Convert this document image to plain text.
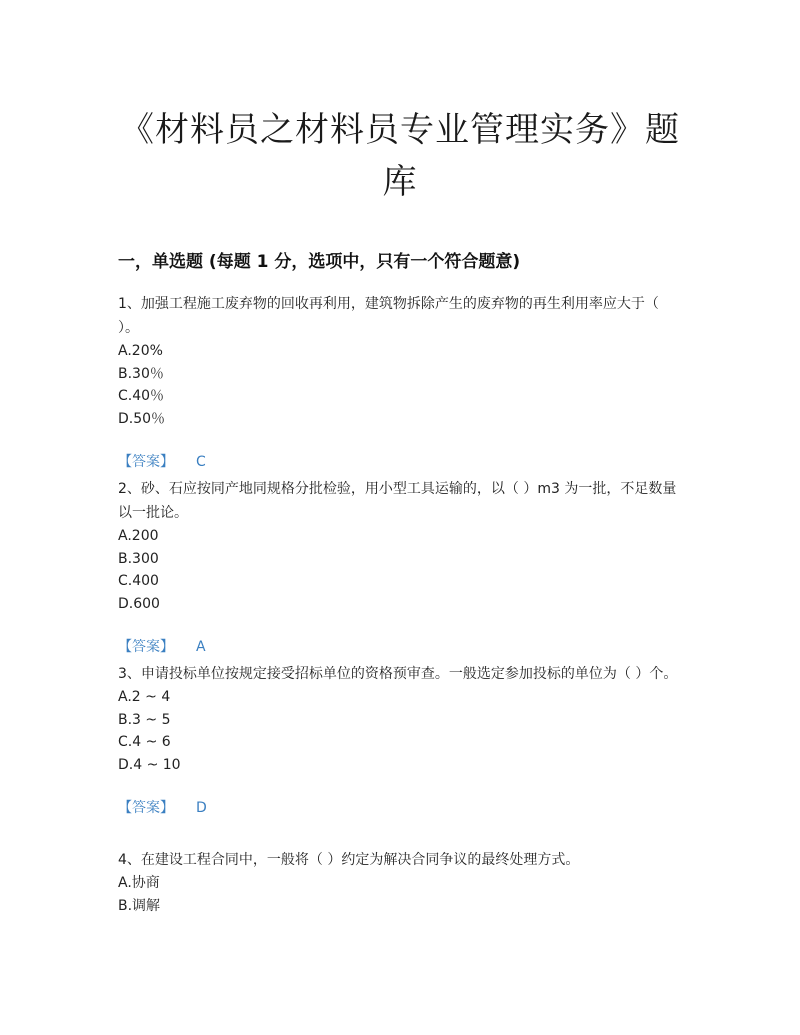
《材料员之材料员专业管理实务》题库
一，单选题 (每题 1 分，选项中，只有一个符合题意)
1、加强工程施工废弃物的回收再利用，建筑物拆除产生的废弃物的再生利用率应大于（ ）。
A.20%
B.30％
C.40％
D.50％
【答案】 C
2、砂、石应按同产地同规格分批检验，用小型工具运输的，以（ ）m3 为一批，不足数量以一批论。
A.200
B.300
C.400
D.600
【答案】 A
3、申请投标单位按规定接受招标单位的资格预审查。一般选定参加投标的单位为（ ）个。
A.2 ~ 4
B.3 ~ 5
C.4 ~ 6
D.4 ~ 10
【答案】 D
4、在建设工程合同中，一般将（ ）约定为解决合同争议的最终处理方式。
A.协商
B.调解
